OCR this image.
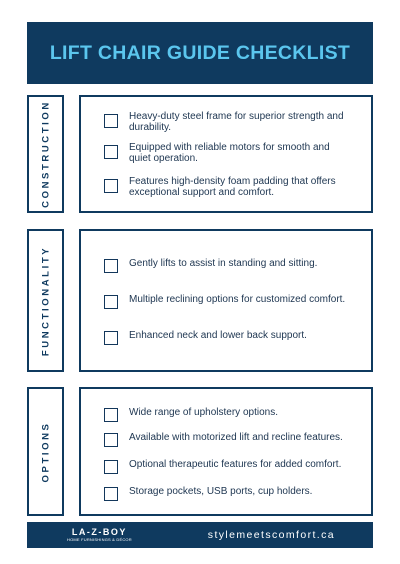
LIFT CHAIR GUIDE CHECKLIST
CONSTRUCTION	Heavy-duty steel frame for superior strength and durability.
Equipped with reliable motors for smooth and quiet operation.
Features high-density foam padding that offers exceptional support and comfort.
FUNCTIONALITY	Gently lifts to assist in standing and sitting.
Multiple reclining options for customized comfort.
Enhanced neck and lower back support.
OPTIONS
Wide range of upholstery options.
Available with motorized lift and recline features.
Optional therapeutic features for added comfort.
Storage pockets, USB ports, cup holders.
LA-Z-BOY
HOME FURNISHINGS & DÉCOR	stylemeetscomfort.ca
